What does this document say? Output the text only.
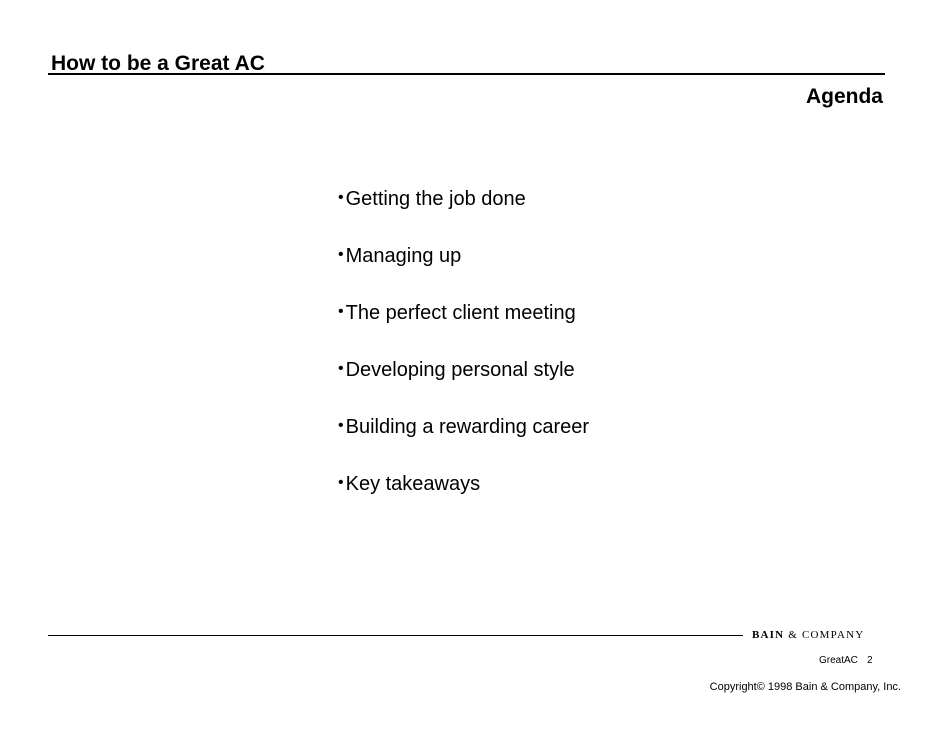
How to be a Great AC
Agenda
• Getting the job done
• Managing up
• The perfect client meeting
• Developing personal style
• Building a rewarding career
• Key takeaways
BAIN & COMPANY
GreatAC 2
Copyright© 1998 Bain & Company, Inc.
